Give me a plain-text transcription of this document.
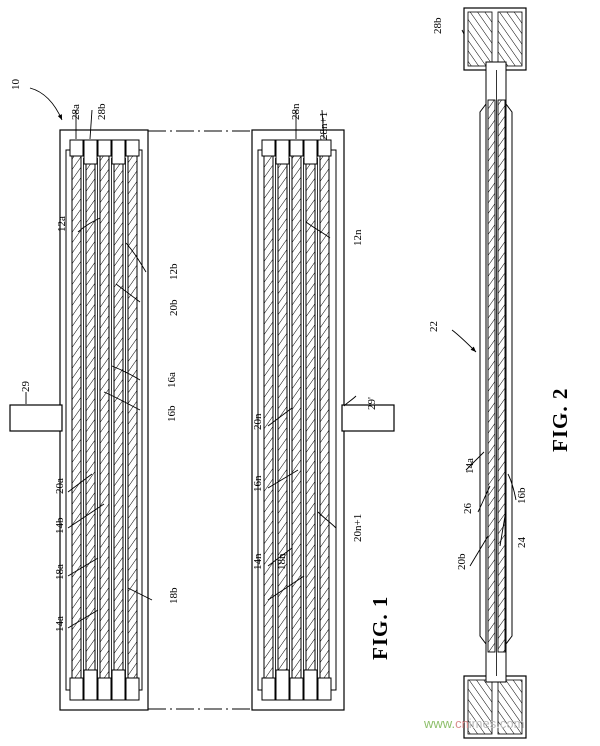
10
28a 28b	28n
28n+1
12a
12b
20b
16a
16b
29
29'
20a
14b
18a
18b
14a
12n
20n
16n
20n+1
14n 18n
28b
22
14a
16b
26
24
20b
FIG. 1
FIG. 2
www.cnimes.com
